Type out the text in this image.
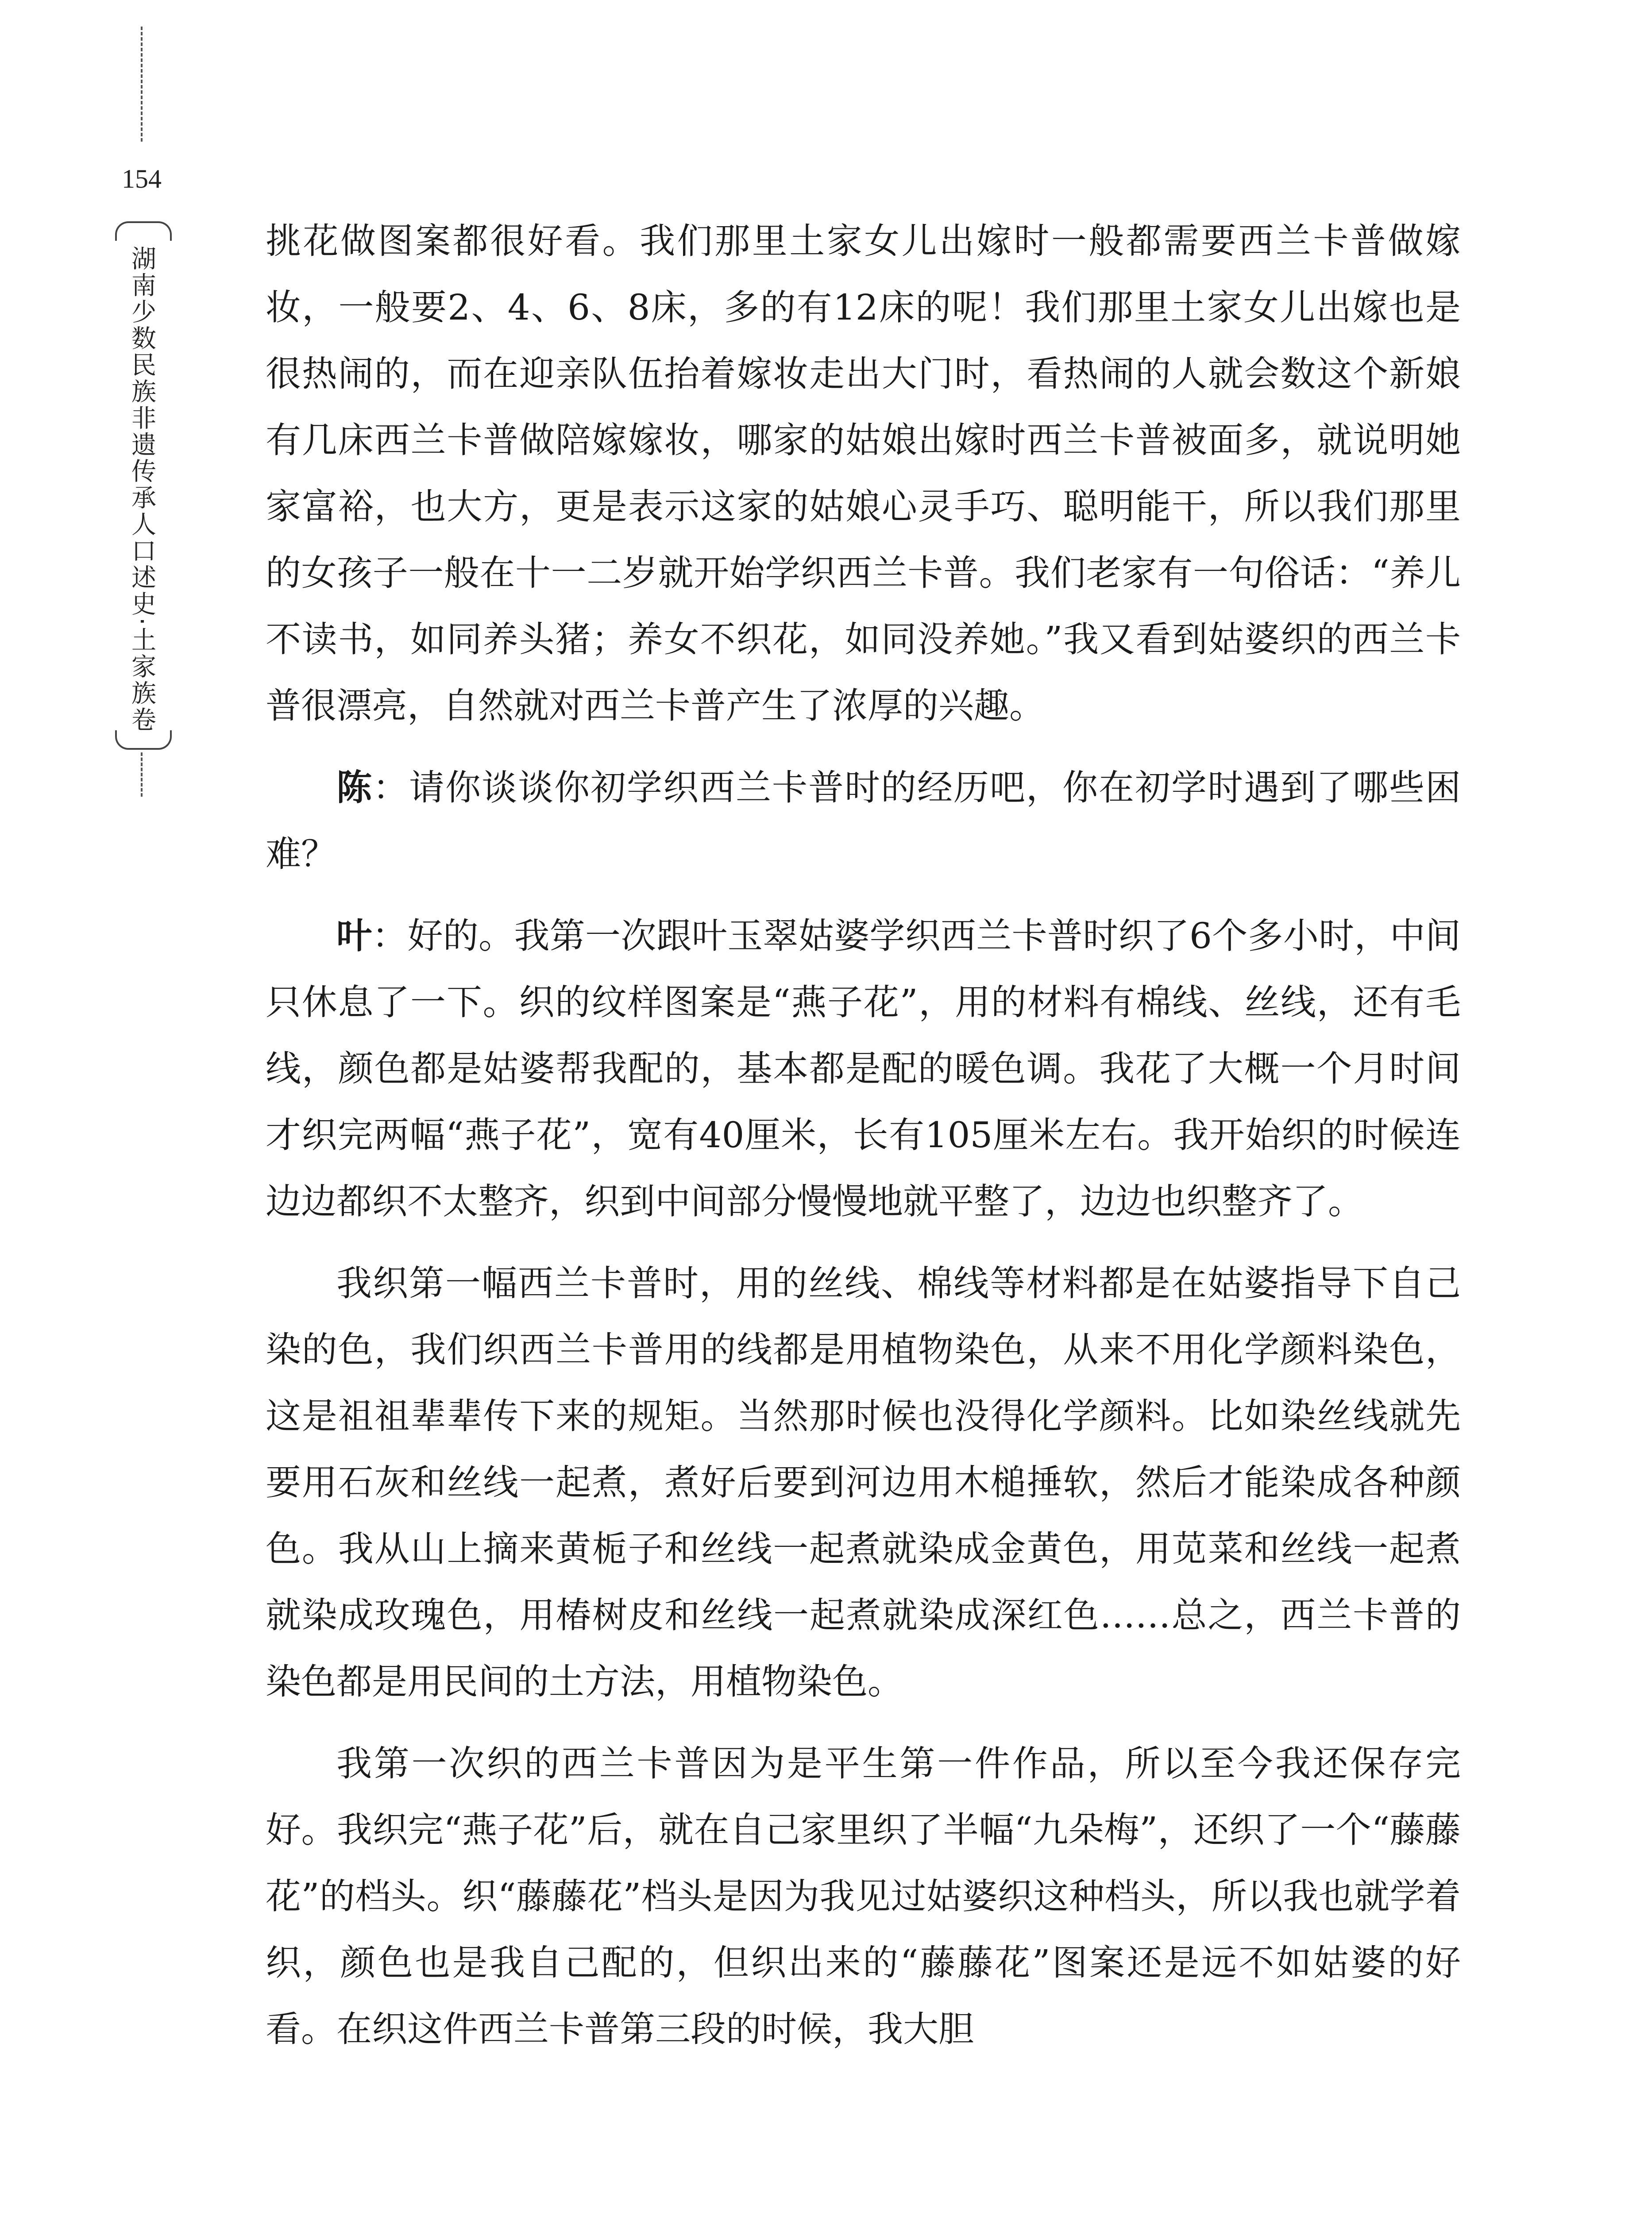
154
湖南少数民族非遗传承人口述史·土家族卷

挑花做图案都很好看。我们那里土家女儿出嫁时一般都需要西兰卡普做嫁妆，一般要2、4、6、8床，多的有12床的呢！我们那里土家女儿出嫁也是很热闹的，而在迎亲队伍抬着嫁妆走出大门时，看热闹的人就会数这个新娘有几床西兰卡普做陪嫁嫁妆，哪家的姑娘出嫁时西兰卡普被面多，就说明她家富裕，也大方，更是表示这家的姑娘心灵手巧、聪明能干，所以我们那里的女孩子一般在十一二岁就开始学织西兰卡普。我们老家有一句俗话：“养儿不读书，如同养头猪；养女不织花，如同没养她。”我又看到姑婆织的西兰卡普很漂亮，自然就对西兰卡普产生了浓厚的兴趣。

陈：请你谈谈你初学织西兰卡普时的经历吧，你在初学时遇到了哪些困难？

叶：好的。我第一次跟叶玉翠姑婆学织西兰卡普时织了6个多小时，中间只休息了一下。织的纹样图案是“燕子花”，用的材料有棉线、丝线，还有毛线，颜色都是姑婆帮我配的，基本都是配的暖色调。我花了大概一个月时间才织完两幅“燕子花”，宽有40厘米，长有105厘米左右。我开始织的时候连边边都织不太整齐，织到中间部分慢慢地就平整了，边边也织整齐了。

我织第一幅西兰卡普时，用的丝线、棉线等材料都是在姑婆指导下自己染的色，我们织西兰卡普用的线都是用植物染色，从来不用化学颜料染色，这是祖祖辈辈传下来的规矩。当然那时候也没得化学颜料。比如染丝线就先要用石灰和丝线一起煮，煮好后要到河边用木槌捶软，然后才能染成各种颜色。我从山上摘来黄栀子和丝线一起煮就染成金黄色，用苋菜和丝线一起煮就染成玫瑰色，用椿树皮和丝线一起煮就染成深红色……总之，西兰卡普的染色都是用民间的土方法，用植物染色。

我第一次织的西兰卡普因为是平生第一件作品，所以至今我还保存完好。我织完“燕子花”后，就在自己家里织了半幅“九朵梅”，还织了一个“藤藤花”的档头。织“藤藤花”档头是因为我见过姑婆织这种档头，所以我也就学着织，颜色也是我自己配的，但织出来的“藤藤花”图案还是远不如姑婆的好看。在织这件西兰卡普第三段的时候，我大胆
